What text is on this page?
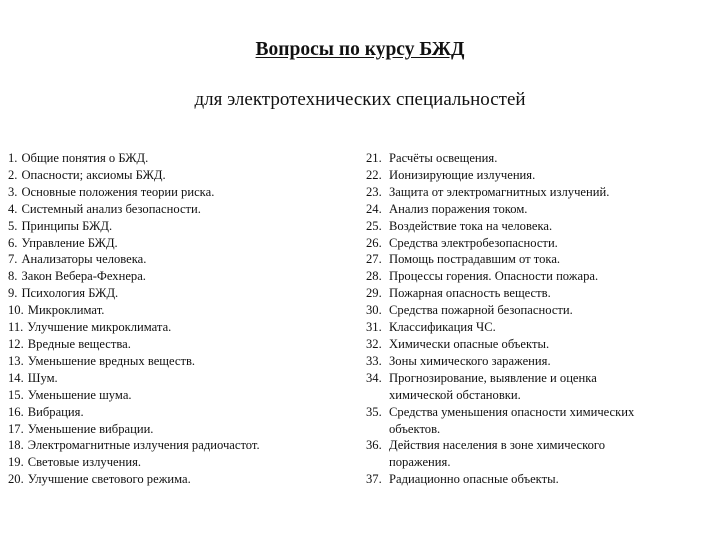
Вопросы по курсу БЖД
для электротехнических специальностей
1. Общие понятия о БЖД.
2. Опасности; аксиомы БЖД.
3. Основные положения теории риска.
4. Системный анализ безопасности.
5. Принципы БЖД.
6. Управление БЖД.
7. Анализаторы человека.
8. Закон Вебера-Фехнера.
9. Психология БЖД.
10. Микроклимат.
11. Улучшение микроклимата.
12. Вредные вещества.
13. Уменьшение вредных веществ.
14. Шум.
15. Уменьшение шума.
16. Вибрация.
17. Уменьшение вибрации.
18. Электромагнитные излучения радиочастот.
19. Световые излучения.
20. Улучшение светового режима.
21. Расчёты освещения.
22. Ионизирующие излучения.
23. Защита от электромагнитных излучений.
24. Анализ поражения током.
25. Воздействие тока на человека.
26. Средства электробезопасности.
27. Помощь пострадавшим от тока.
28. Процессы горения. Опасности пожара.
29. Пожарная опасность веществ.
30. Средства пожарной безопасности.
31. Классификация ЧС.
32. Химически опасные объекты.
33. Зоны химического заражения.
34. Прогнозирование, выявление и оценка химической обстановки.
35. Средства уменьшения опасности химических объектов.
36. Действия населения в зоне химического поражения.
37. Радиационно опасные объекты.
